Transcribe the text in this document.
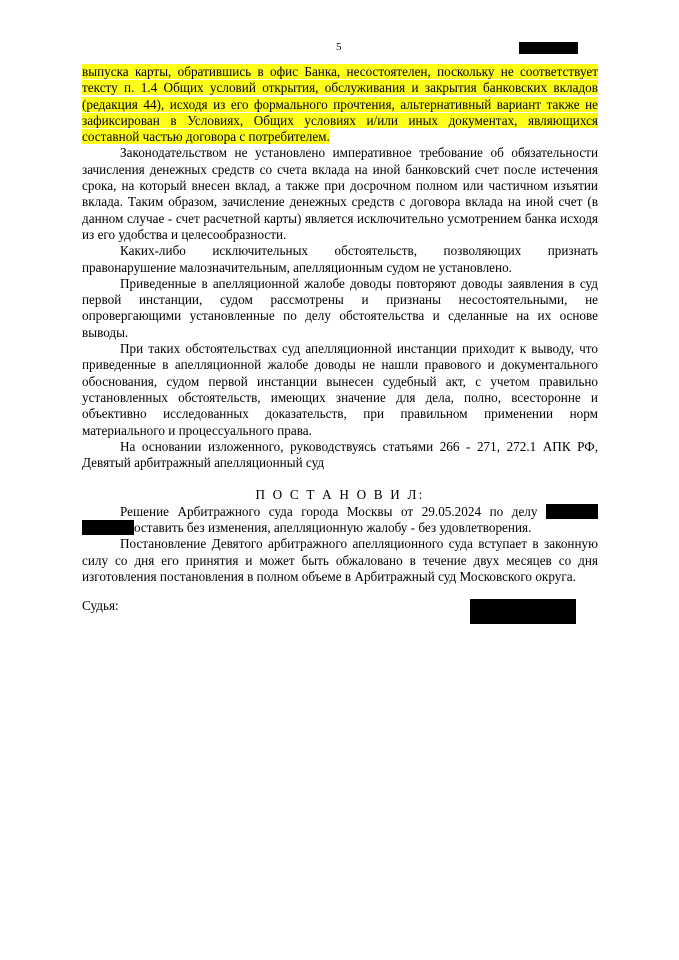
5

выпуска карты, обратившись в офис Банка, несостоятелен, поскольку не соответствует тексту п. 1.4 Общих условий открытия, обслуживания и закрытия банковских вкладов (редакция 44), исходя из его формального прочтения, альтернативный вариант также не зафиксирован в Условиях, Общих условиях и/или иных документах, являющихся составной частью договора с потребителем.

Законодательством не установлено императивное требование об обязательности зачисления денежных средств со счета вклада на иной банковский счет после истечения срока, на который внесен вклад, а также при досрочном полном или частичном изъятии вклада. Таким образом, зачисление денежных средств с договора вклада на иной счет (в данном случае - счет расчетной карты) является исключительно усмотрением банка исходя из его удобства и целесообразности.

Каких-либо исключительных обстоятельств, позволяющих признать правонарушение малозначительным, апелляционным судом не установлено.

Приведенные в апелляционной жалобе доводы повторяют доводы заявления в суд первой инстанции, судом рассмотрены и признаны несостоятельными, не опровергающими установленные по делу обстоятельства и сделанные на их основе выводы.

При таких обстоятельствах суд апелляционной инстанции приходит к выводу, что приведенные в апелляционной жалобе доводы не нашли правового и документального обоснования, судом первой инстанции вынесен судебный акт, с учетом правильно установленных обстоятельств, имеющих значение для дела, полно, всесторонне и объективно исследованных доказательств, при правильном применении норм материального и процессуального права.

На основании изложенного, руководствуясь статьями 266 - 271, 272.1 АПК РФ, Девятый арбитражный апелляционный суд

П О С Т А Н О В И Л:

Решение Арбитражного суда города Москвы от 29.05.2024 по делу  оставить без изменения, апелляционную жалобу - без удовлетворения.

Постановление Девятого арбитражного апелляционного суда вступает в законную силу со дня его принятия и может быть обжаловано в течение двух месяцев со дня изготовления постановления в полном объеме в Арбитражный суд Московского округа.

Судья:
